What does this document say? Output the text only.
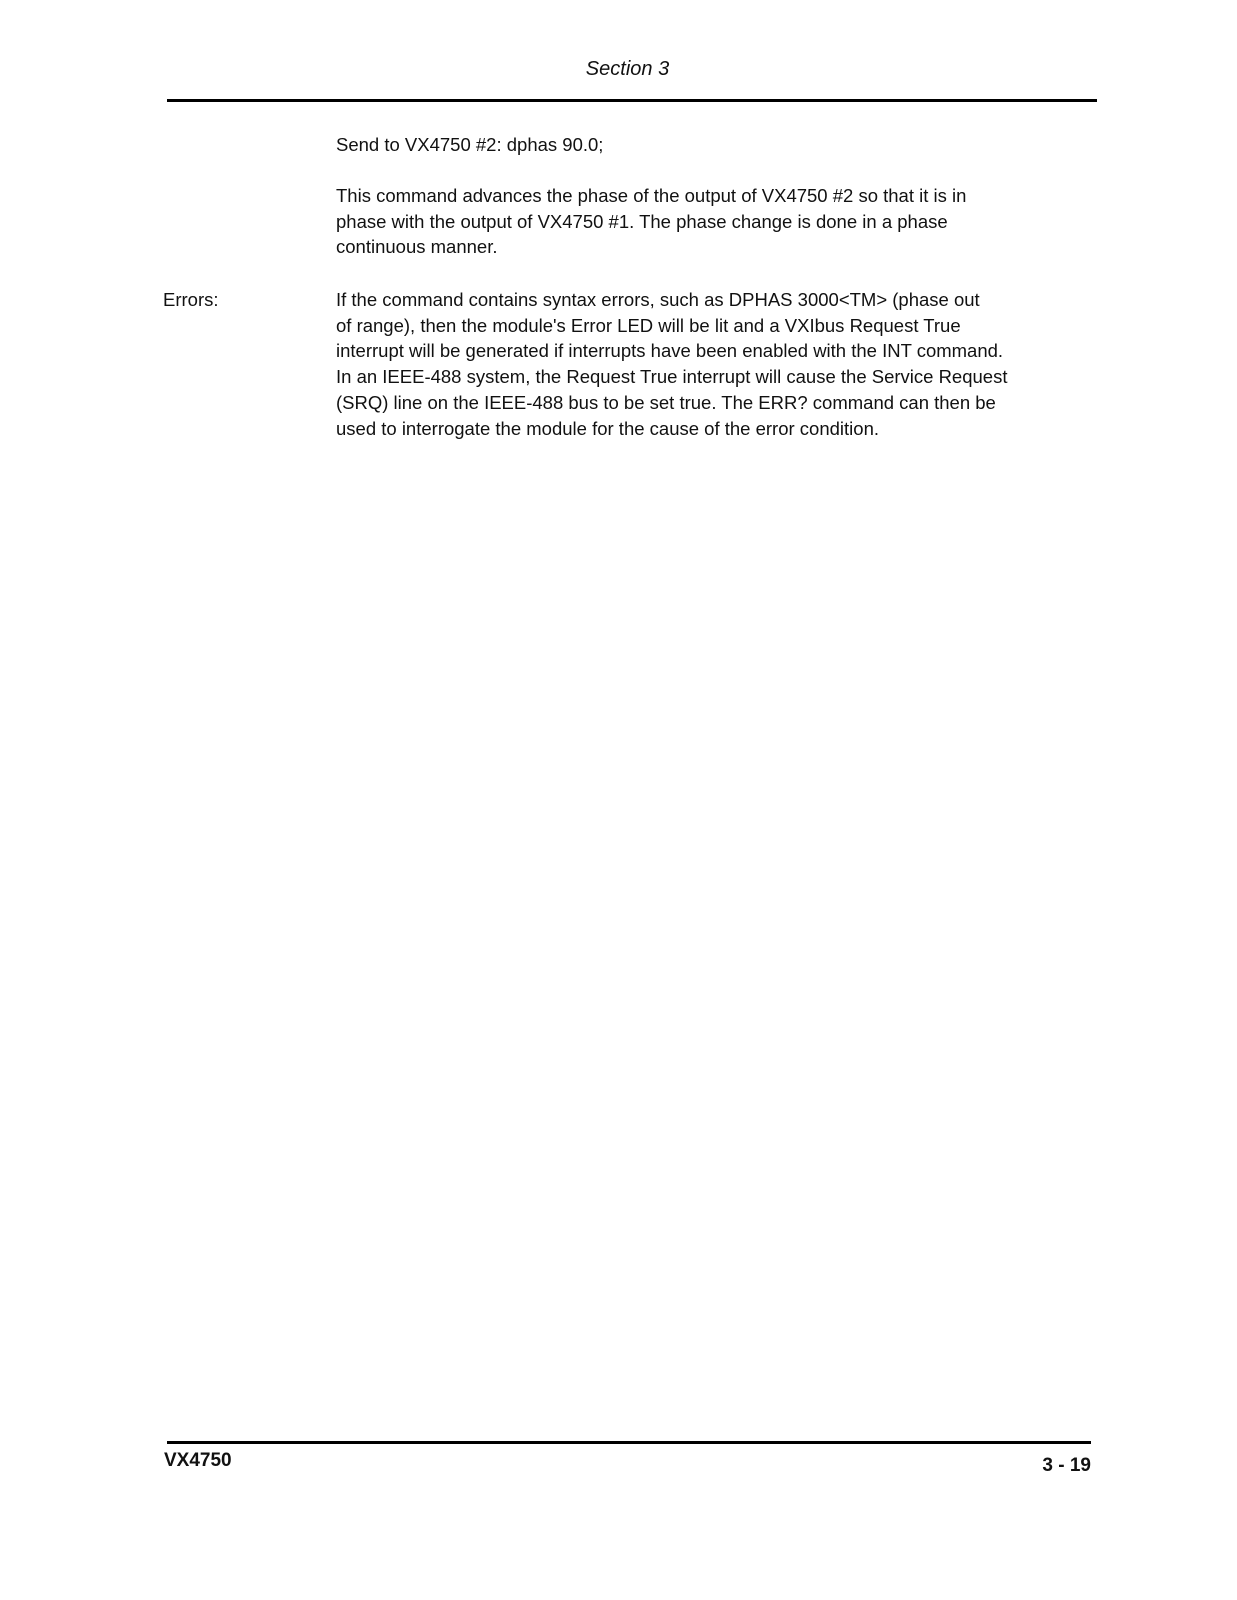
Section 3
Send to VX4750 #2: dphas 90.0;
This command advances the phase of the output of VX4750 #2 so that it is in
phase with the output of VX4750 #1. The phase change is done in a phase
continuous manner.
Errors:	If the command contains syntax errors, such as DPHAS 3000<TM> (phase out
of range), then the module's Error LED will be lit and a VXIbus Request True
interrupt will be generated if interrupts have been enabled with the INT command.
In an IEEE-488 system, the Request True interrupt will cause the Service Request
(SRQ) line on the IEEE-488 bus to be set true. The ERR? command can then be
used to interrogate the module for the cause of the error condition.
VX4750	3 - 19
